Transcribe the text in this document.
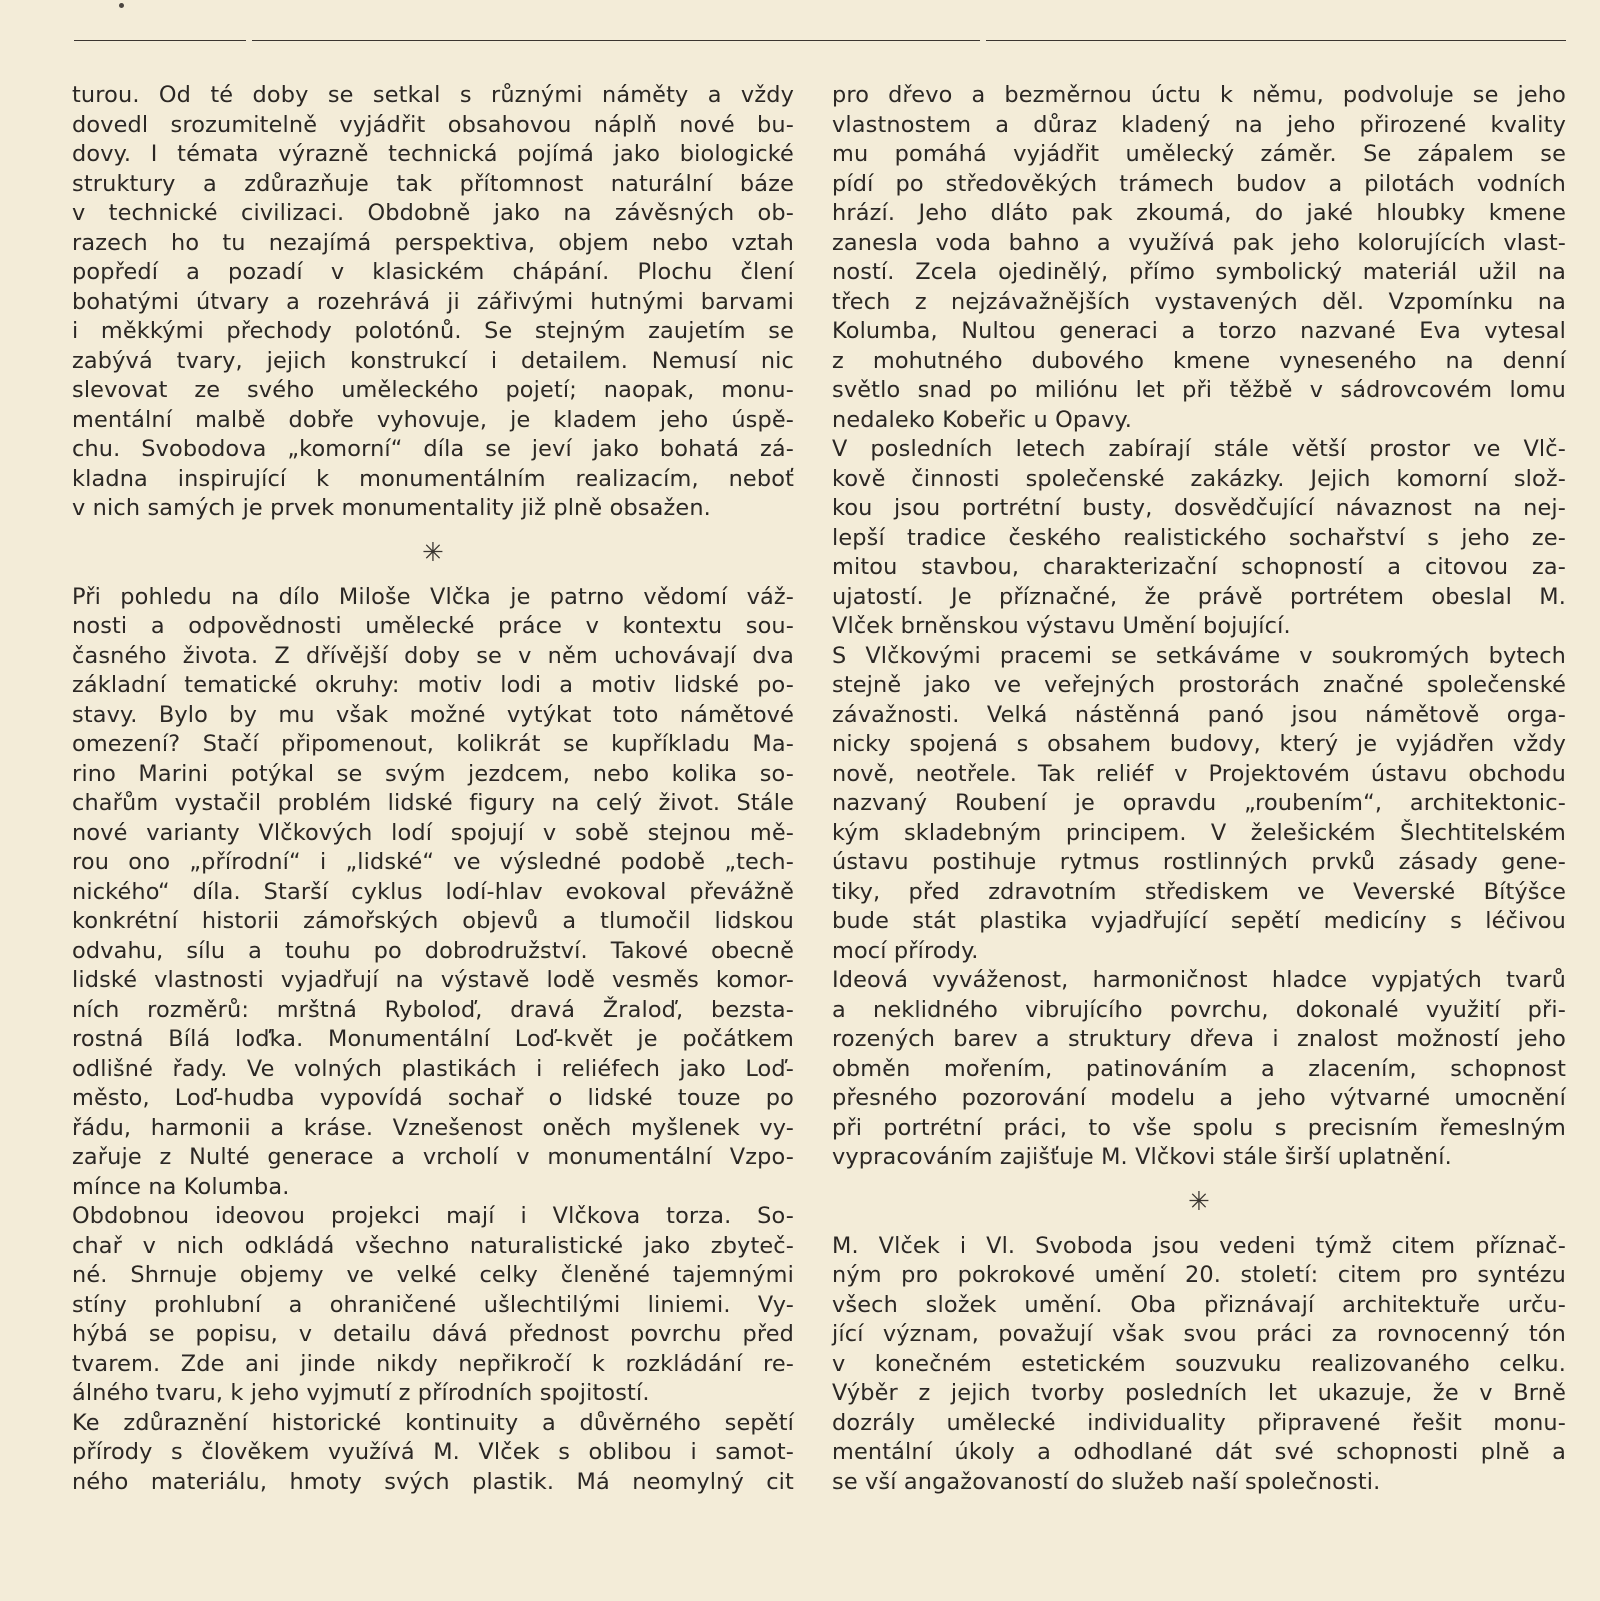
turou. Od té doby se setkal s různými náměty a vždy
dovedl srozumitelně vyjádřit obsahovou náplň nové bu-
dovy. I témata výrazně technická pojímá jako biologické
struktury a zdůrazňuje tak přítomnost naturální báze
v technické civilizaci. Obdobně jako na závěsných ob-
razech ho tu nezajímá perspektiva, objem nebo vztah
popředí a pozadí v klasickém chápání. Plochu člení
bohatými útvary a rozehrává ji zářivými hutnými barvami
i měkkými přechody polotónů. Se stejným zaujetím se
zabývá tvary, jejich konstrukcí i detailem. Nemusí nic
slevovat ze svého uměleckého pojetí; naopak, monu-
mentální malbě dobře vyhovuje, je kladem jeho úspě-
chu. Svobodova „komorní“ díla se jeví jako bohatá zá-
kladna inspirující k monumentálním realizacím, neboť
v nich samých je prvek monumentality již plně obsažen.
✳
Při pohledu na dílo Miloše Vlčka je patrno vědomí váž-
nosti a odpovědnosti umělecké práce v kontextu sou-
časného života. Z dřívější doby se v něm uchovávají dva
základní tematické okruhy: motiv lodi a motiv lidské po-
stavy. Bylo by mu však možné vytýkat toto námětové
omezení? Stačí připomenout, kolikrát se kupříkladu Ma-
rino Marini potýkal se svým jezdcem, nebo kolika so-
chařům vystačil problém lidské figury na celý život. Stále
nové varianty Vlčkových lodí spojují v sobě stejnou mě-
rou ono „přírodní“ i „lidské“ ve výsledné podobě „tech-
nického“ díla. Starší cyklus lodí-hlav evokoval převážně
konkrétní historii zámořských objevů a tlumočil lidskou
odvahu, sílu a touhu po dobrodružství. Takové obecně
lidské vlastnosti vyjadřují na výstavě lodě vesměs komor-
ních rozměrů: mrštná Ryboloď, dravá Žraloď, bezsta-
rostná Bílá loďka. Monumentální Loď-květ je počátkem
odlišné řady. Ve volných plastikách i reliéfech jako Loď-
město, Loď-hudba vypovídá sochař o lidské touze po
řádu, harmonii a kráse. Vznešenost oněch myšlenek vy-
zařuje z Nulté generace a vrcholí v monumentální Vzpo-
mínce na Kolumba.
Obdobnou ideovou projekci mají i Vlčkova torza. So-
chař v nich odkládá všechno naturalistické jako zbyteč-
né. Shrnuje objemy ve velké celky členěné tajemnými
stíny prohlubní a ohraničené ušlechtilými liniemi. Vy-
hýbá se popisu, v detailu dává přednost povrchu před
tvarem. Zde ani jinde nikdy nepřikročí k rozkládání re-
álného tvaru, k jeho vyjmutí z přírodních spojitostí.
Ke zdůraznění historické kontinuity a důvěrného sepětí
přírody s člověkem využívá M. Vlček s oblibou i samot-
ného materiálu, hmoty svých plastik. Má neomylný cit
pro dřevo a bezměrnou úctu k němu, podvoluje se jeho
vlastnostem a důraz kladený na jeho přirozené kvality
mu pomáhá vyjádřit umělecký záměr. Se zápalem se
pídí po středověkých trámech budov a pilotách vodních
hrází. Jeho dláto pak zkoumá, do jaké hloubky kmene
zanesla voda bahno a využívá pak jeho kolorujících vlast-
ností. Zcela ojedinělý, přímo symbolický materiál užil na
třech z nejzávažnějších vystavených děl. Vzpomínku na
Kolumba, Nultou generaci a torzo nazvané Eva vytesal
z mohutného dubového kmene vyneseného na denní
světlo snad po miliónu let při těžbě v sádrovcovém lomu
nedaleko Kobeřic u Opavy.
V posledních letech zabírají stále větší prostor ve Vlč-
kově činnosti společenské zakázky. Jejich komorní slož-
kou jsou portrétní busty, dosvědčující návaznost na nej-
lepší tradice českého realistického sochařství s jeho ze-
mitou stavbou, charakterizační schopností a citovou za-
ujatostí. Je příznačné, že právě portrétem obeslal M.
Vlček brněnskou výstavu Umění bojující.
S Vlčkovými pracemi se setkáváme v soukromých bytech
stejně jako ve veřejných prostorách značné společenské
závažnosti. Velká nástěnná panó jsou námětově orga-
nicky spojená s obsahem budovy, který je vyjádřen vždy
nově, neotřele. Tak reliéf v Projektovém ústavu obchodu
nazvaný Roubení je opravdu „roubením“, architektonic-
kým skladebným principem. V želešickém Šlechtitelském
ústavu postihuje rytmus rostlinných prvků zásady gene-
tiky, před zdravotním střediskem ve Veverské Bítýšce
bude stát plastika vyjadřující sepětí medicíny s léčivou
mocí přírody.
Ideová vyváženost, harmoničnost hladce vypjatých tvarů
a neklidného vibrujícího povrchu, dokonalé využití při-
rozených barev a struktury dřeva i znalost možností jeho
obměn mořením, patinováním a zlacením, schopnost
přesného pozorování modelu a jeho výtvarné umocnění
při portrétní práci, to vše spolu s precisním řemeslným
vypracováním zajišťuje M. Vlčkovi stále širší uplatnění.
✳
M. Vlček i Vl. Svoboda jsou vedeni týmž citem příznač-
ným pro pokrokové umění 20. století: citem pro syntézu
všech složek umění. Oba přiznávají architektuře urču-
jící význam, považují však svou práci za rovnocenný tón
v konečném estetickém souzvuku realizovaného celku.
Výběr z jejich tvorby posledních let ukazuje, že v Brně
dozrály umělecké individuality připravené řešit monu-
mentální úkoly a odhodlané dát své schopnosti plně a
se vší angažovaností do služeb naší společnosti.
